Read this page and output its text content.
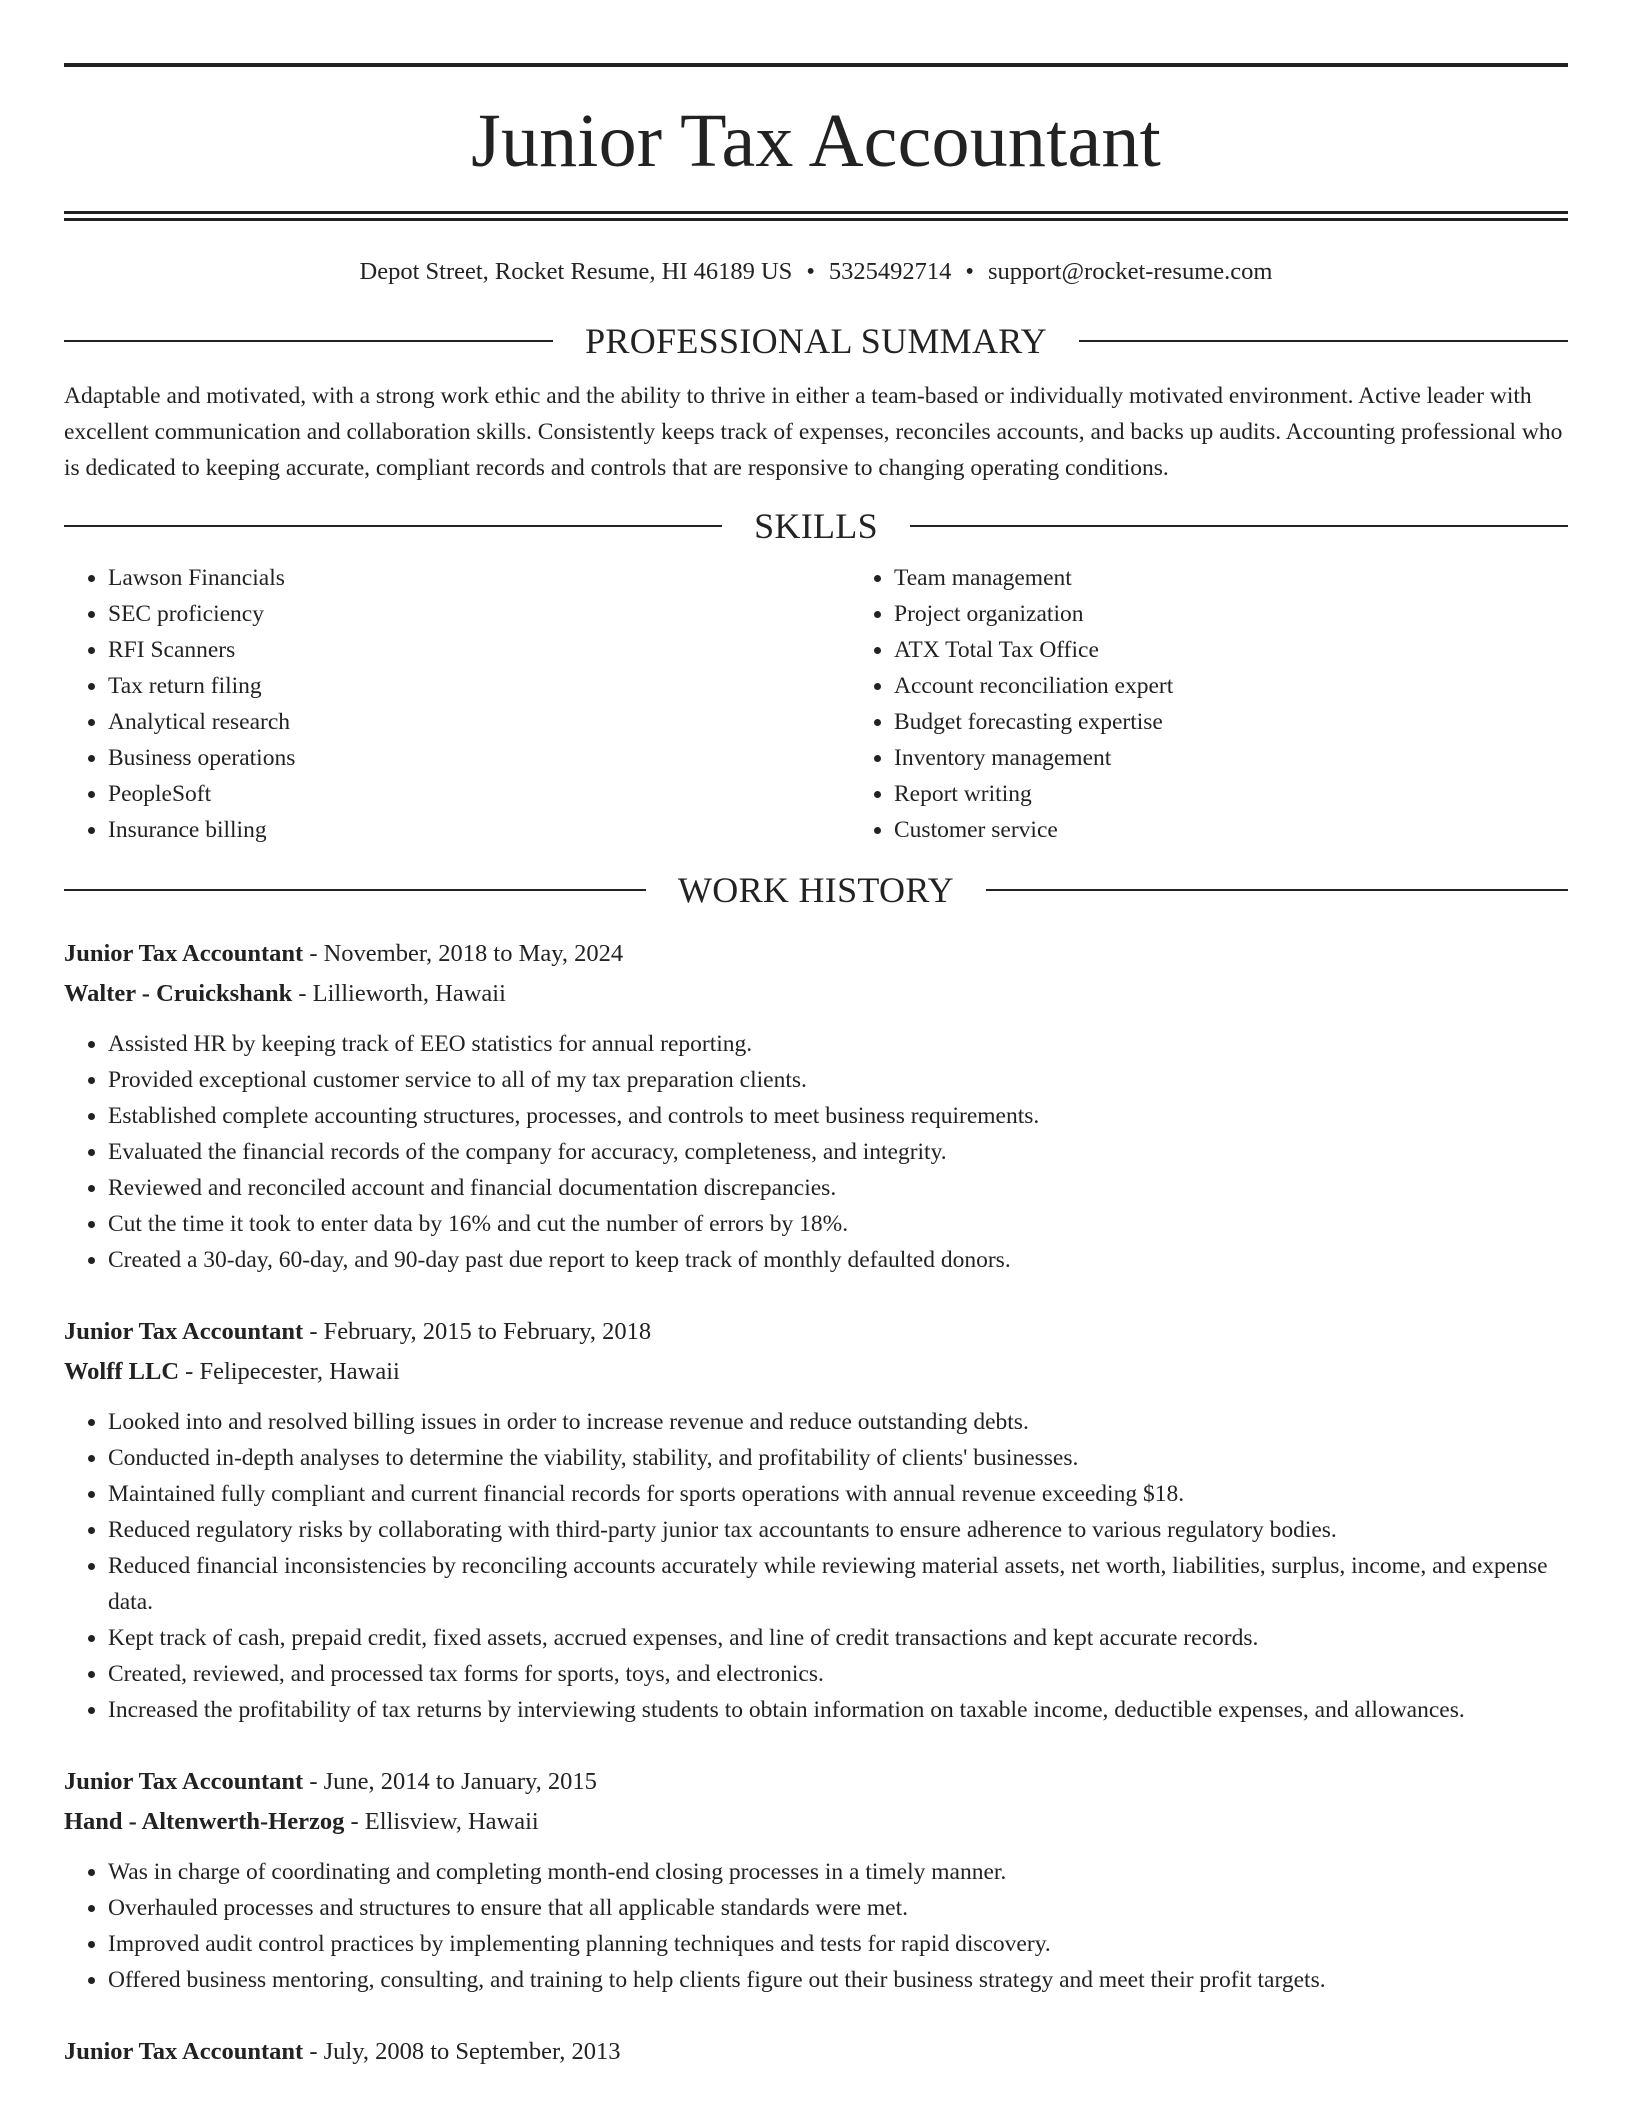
Junior Tax Accountant
Depot Street, Rocket Resume, HI 46189 US • 5325492714 • support@rocket-resume.com
PROFESSIONAL SUMMARY

Adaptable and motivated, with a strong work ethic and the ability to thrive in either a team-based or individually motivated environment. Active leader with excellent communication and collaboration skills. Consistently keeps track of expenses, reconciles accounts, and backs up audits. Accounting professional who is dedicated to keeping accurate, compliant records and controls that are responsive to changing operating conditions.

SKILLS
• Lawson Financials
• SEC proficiency
• RFI Scanners
• Tax return filing
• Analytical research
• Business operations
• PeopleSoft
• Insurance billing
• Team management
• Project organization
• ATX Total Tax Office
• Account reconciliation expert
• Budget forecasting expertise
• Inventory management
• Report writing
• Customer service
WORK HISTORY
Junior Tax Accountant - November, 2018 to May, 2024
Walter - Cruickshank - Lillieworth, Hawaii
• Assisted HR by keeping track of EEO statistics for annual reporting.
• Provided exceptional customer service to all of my tax preparation clients.
• Established complete accounting structures, processes, and controls to meet business requirements.
• Evaluated the financial records of the company for accuracy, completeness, and integrity.
• Reviewed and reconciled account and financial documentation discrepancies.
• Cut the time it took to enter data by 16% and cut the number of errors by 18%.
• Created a 30-day, 60-day, and 90-day past due report to keep track of monthly defaulted donors.
Junior Tax Accountant - February, 2015 to February, 2018
Wolff LLC - Felipecester, Hawaii
• Looked into and resolved billing issues in order to increase revenue and reduce outstanding debts.
• Conducted in-depth analyses to determine the viability, stability, and profitability of clients' businesses.
• Maintained fully compliant and current financial records for sports operations with annual revenue exceeding $18.
• Reduced regulatory risks by collaborating with third-party junior tax accountants to ensure adherence to various regulatory bodies.
• Reduced financial inconsistencies by reconciling accounts accurately while reviewing material assets, net worth, liabilities, surplus, income, and expense data.
• Kept track of cash, prepaid credit, fixed assets, accrued expenses, and line of credit transactions and kept accurate records.
• Created, reviewed, and processed tax forms for sports, toys, and electronics.
• Increased the profitability of tax returns by interviewing students to obtain information on taxable income, deductible expenses, and allowances.
Junior Tax Accountant - June, 2014 to January, 2015
Hand - Altenwerth-Herzog - Ellisview, Hawaii
• Was in charge of coordinating and completing month-end closing processes in a timely manner.
• Overhauled processes and structures to ensure that all applicable standards were met.
• Improved audit control practices by implementing planning techniques and tests for rapid discovery.
• Offered business mentoring, consulting, and training to help clients figure out their business strategy and meet their profit targets.
Junior Tax Accountant - July, 2008 to September, 2013
